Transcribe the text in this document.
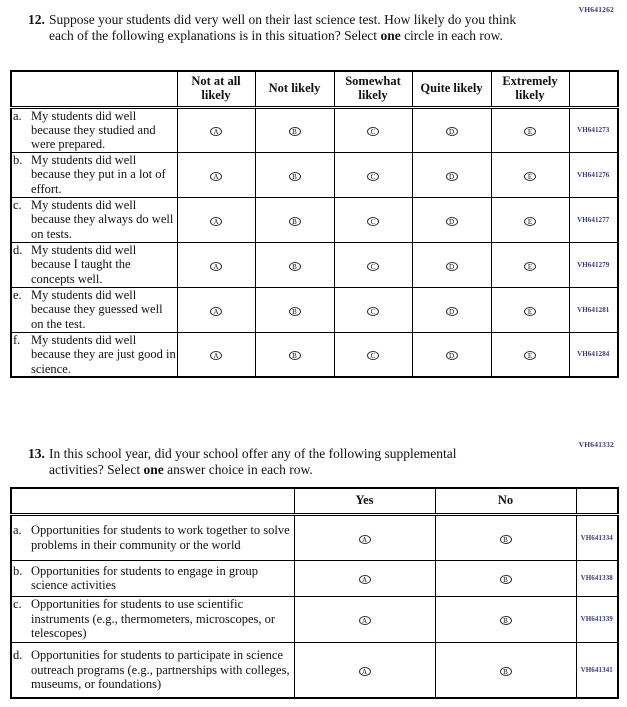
VH641262
12. Suppose your students did very well on their last science test. How likely do you think each of the following explanations is in this situation? Select one circle in each row.
	Not at all likely	Not likely	Somewhat likely	Quite likely	Extremely likely	

a. My students did well because they studied and were prepared.	A	B	C	D	E	VH641273

b. My students did well because they put in a lot of effort.	A	B	C	D	E	VH641276

c. My students did well because they always do well on tests.	A	B	C	D	E	VH641277

d. My students did well because I taught the concepts well.	A	B	C	D	E	VH641279

e. My students did well because they guessed well on the test.	A	B	C	D	E	VH641281

f. My students did well because they are just good in science.	A	B	C	D	E	VH641284
VH641332
13. In this school year, did your school offer any of the following supplemental activities? Select one answer choice in each row.
	Yes	No	

a. Opportunities for students to work together to solve problems in their community or the world	A	B	VH641334

b. Opportunities for students to engage in group science activities	A	B	VH641338

c. Opportunities for students to use scientific instruments (e.g., thermometers, microscopes, or telescopes)	A	B	VH641339

d. Opportunities for students to participate in science outreach programs (e.g., partnerships with colleges, museums, or foundations)	A	B	VH641341
